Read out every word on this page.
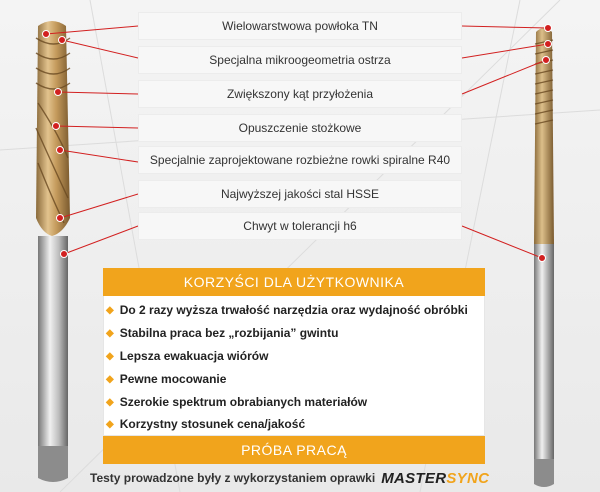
Wielowarstwowa powłoka TN
Specjalna mikroogeometria ostrza
Zwiększony kąt przyłożenia
Opuszczenie stożkowe
Specjalnie zaprojektowane rozbieżne rowki spiralne R40
Najwyższej jakości stal HSSE
Chwyt w tolerancji h6
KORZYŚCI DLA UŻYTKOWNIKA
◆ Do 2 razy wyższa trwałość narzędzia oraz wydajność obróbki
◆ Stabilna praca bez „rozbijania” gwintu
◆ Lepsza ewakuacja wiórów
◆ Pewne mocowanie
◆ Szerokie spektrum obrabianych materiałów
◆ Korzystny stosunek cena/jakość
PRÓBA PRACĄ
Testy prowadzone były z wykorzystaniem oprawki MASTERSYNC
